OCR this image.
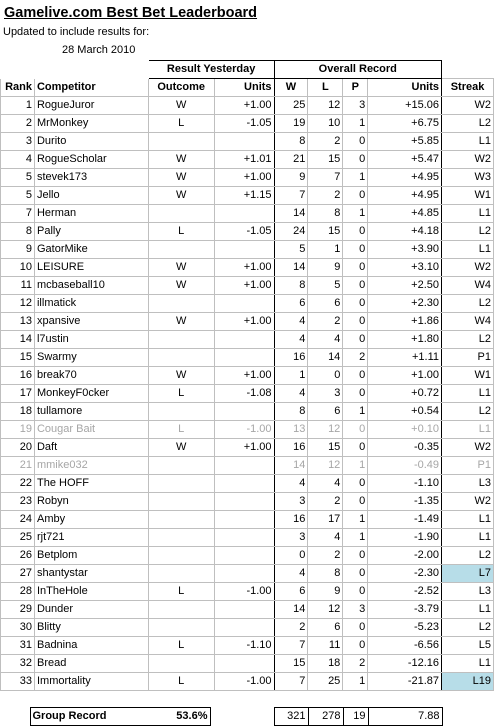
Gamelive.com Best Bet Leaderboard
Updated to include results for:
28 March 2010
		Result Yesterday		Overall Record				
Rank	Competitor	Outcome	Units	W	L	P	Units	Streak
1	RogueJuror	W	+1.00	25	12	3	+15.06	W2
2	MrMonkey	L	-1.05	19	10	1	+6.75	L2
3	Durito			8	2	0	+5.85	L1
4	RogueScholar	W	+1.01	21	15	0	+5.47	W2
5	stevek173	W	+1.00	9	7	1	+4.95	W3
5	Jello	W	+1.15	7	2	0	+4.95	W1
7	Herman			14	8	1	+4.85	L1
8	Pally	L	-1.05	24	15	0	+4.18	L2
9	GatorMike			5	1	0	+3.90	L1
10	LEISURE	W	+1.00	14	9	0	+3.10	W2
11	mcbaseball10	W	+1.00	8	5	0	+2.50	W4
12	illmatick			6	6	0	+2.30	L2
13	xpansive	W	+1.00	4	2	0	+1.86	W4
14	l7ustin			4	4	0	+1.80	L2
15	Swarmy			16	14	2	+1.11	P1
16	break70	W	+1.00	1	0	0	+1.00	W1
17	MonkeyF0cker	L	-1.08	4	3	0	+0.72	L1
18	tullamore			8	6	1	+0.54	L2
19	Cougar Bait	L	-1.00	13	12	0	+0.10	L1
20	Daft	W	+1.00	16	15	0	-0.35	W2
21	mmike032			14	12	1	-0.49	P1
22	The HOFF			4	4	0	-1.10	L3
23	Robyn			3	2	0	-1.35	W2
24	Amby			16	17	1	-1.49	L1
25	rjt721			3	4	1	-1.90	L1
26	Betplom			0	2	0	-2.00	L2
27	shantystar			4	8	0	-2.30	L7
28	InTheHole	L	-1.00	6	9	0	-2.52	L3
29	Dunder			14	12	3	-3.79	L1
30	Blitty			2	6	0	-5.23	L2
31	Badnina	L	-1.10	7	11	0	-6.56	L5
32	Bread			15	18	2	-12.16	L1
33	Immortality	L	-1.00	7	25	1	-21.87	L19
	Group Record	53.6%		321	278	19	7.88
